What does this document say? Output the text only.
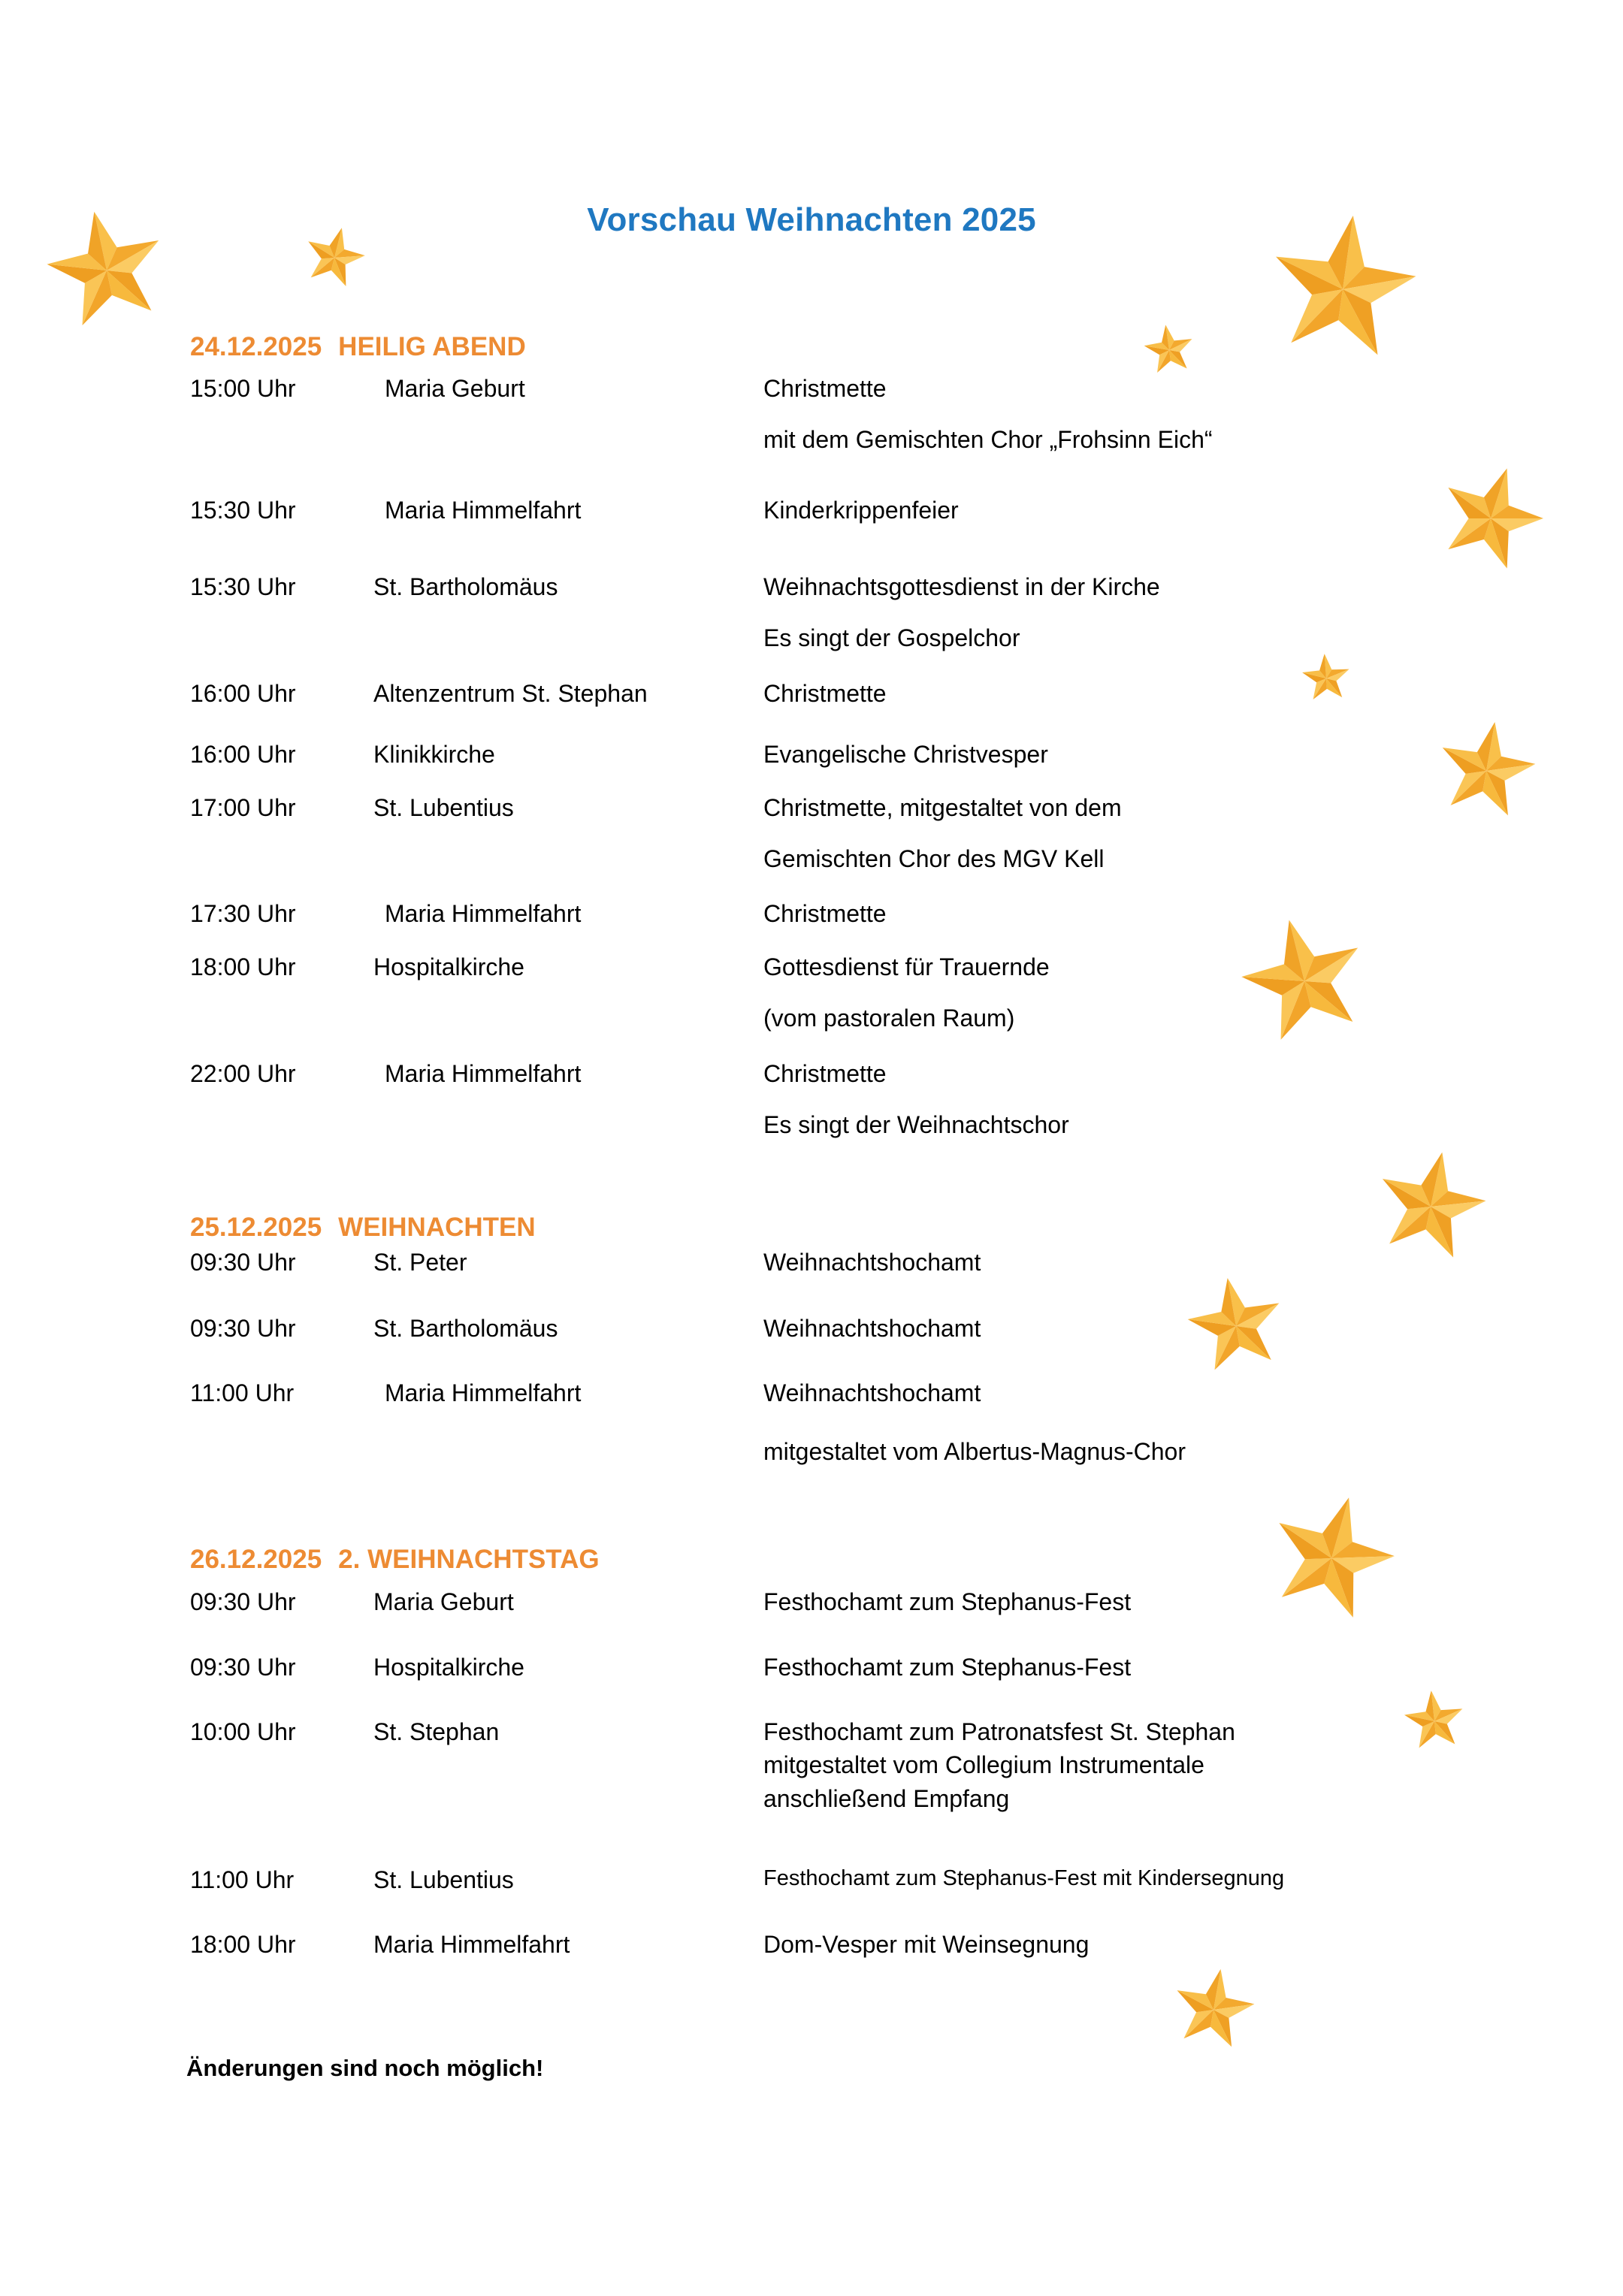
Vorschau Weihnachten 2025
24.12.2025 HEILIG ABEND
15:00 Uhr	Maria Geburt	Christmette
mit dem Gemischten Chor „Frohsinn Eich“
15:30 Uhr	Maria Himmelfahrt	Kinderkrippenfeier
15:30 Uhr	St. Bartholomäus	Weihnachtsgottesdienst in der Kirche
Es singt der Gospelchor
16:00 Uhr	Altenzentrum St. Stephan	Christmette
16:00 Uhr	Klinikkirche	Evangelische Christvesper
17:00 Uhr	St. Lubentius	Christmette, mitgestaltet von dem
Gemischten Chor des MGV Kell
17:30 Uhr	Maria Himmelfahrt	Christmette
18:00 Uhr	Hospitalkirche	Gottesdienst für Trauernde
(vom pastoralen Raum)
22:00 Uhr	Maria Himmelfahrt	Christmette
Es singt der Weihnachtschor
25.12.2025 WEIHNACHTEN
09:30 Uhr	St. Peter	Weihnachtshochamt
09:30 Uhr	St. Bartholomäus	Weihnachtshochamt
11:00 Uhr	Maria Himmelfahrt	Weihnachtshochamt
mitgestaltet vom Albertus-Magnus-Chor
26.12.2025 2. WEIHNACHTSTAG
09:30 Uhr	Maria Geburt	Festhochamt zum Stephanus-Fest
09:30 Uhr	Hospitalkirche	Festhochamt zum Stephanus-Fest
10:00 Uhr	St. Stephan	Festhochamt zum Patronatsfest St. Stephan
mitgestaltet vom Collegium Instrumentale
anschließend Empfang
11:00 Uhr	St. Lubentius	Festhochamt zum Stephanus-Fest mit Kindersegnung
18:00 Uhr	Maria Himmelfahrt	Dom-Vesper mit Weinsegnung
Änderungen sind noch möglich!
